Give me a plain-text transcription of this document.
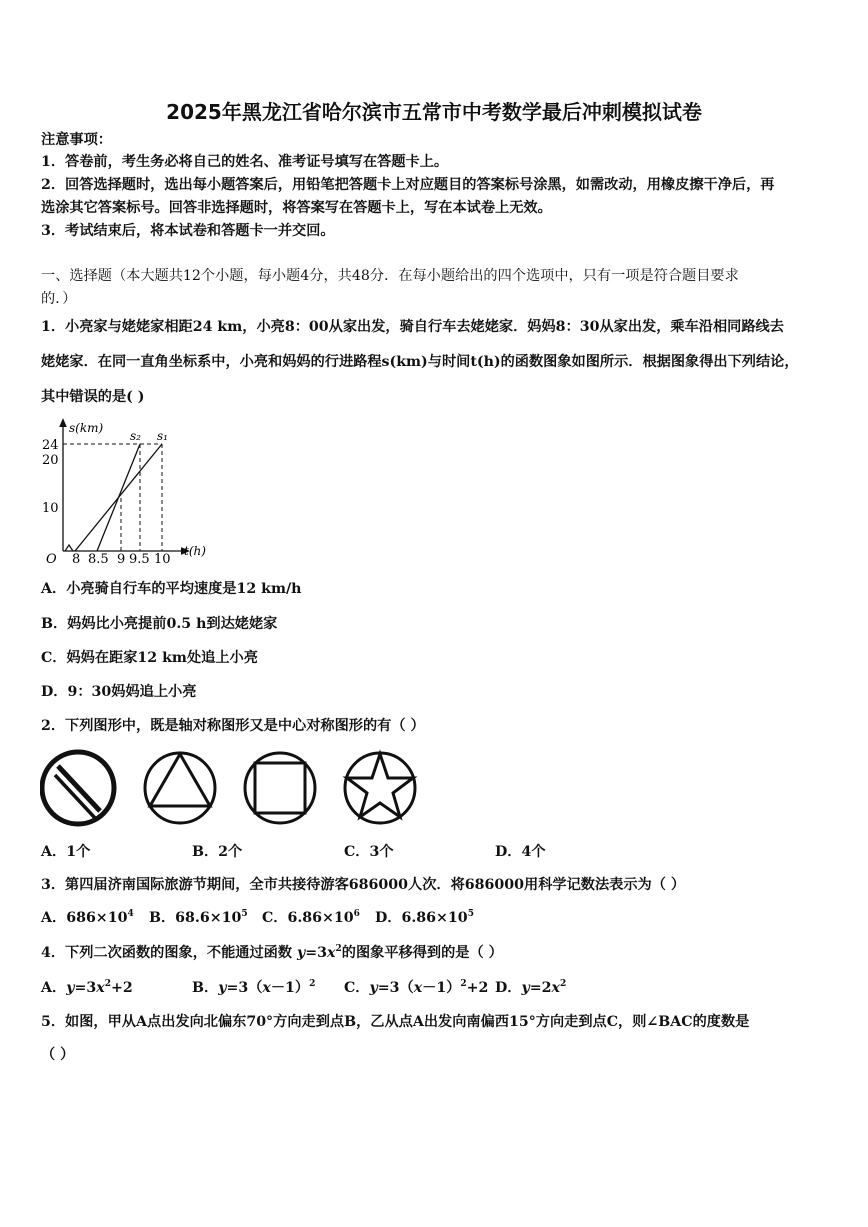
2025年黑龙江省哈尔滨市五常市中考数学最后冲刺模拟试卷
注意事项：
1．答卷前，考生务必将自己的姓名、准考证号填写在答题卡上。
2．回答选择题时，选出每小题答案后，用铅笔把答题卡上对应题目的答案标号涂黑，如需改动，用橡皮擦干净后，再
选涂其它答案标号。回答非选择题时，将答案写在答题卡上，写在本试卷上无效。
3．考试结束后，将本试卷和答题卡一并交回。
一、选择题（本大题共12个小题，每小题4分，共48分．在每小题给出的四个选项中，只有一项是符合题目要求
的．）
1．小亮家与姥姥家相距24 km，小亮8：00从家出发，骑自行车去姥姥家．妈妈8：30从家出发，乘车沿相同路线去
姥姥家．在同一直角坐标系中，小亮和妈妈的行进路程s(km)与时间t(h)的函数图象如图所示．根据图象得出下列结论，
其中错误的是( )
s(km)
t(h)
O
24
20
10
8 8.5 9 9.5 10
s₂ s₁
A．小亮骑自行车的平均速度是12 km/h
B．妈妈比小亮提前0.5 h到达姥姥家
C．妈妈在距家12 km处追上小亮
D．9：30妈妈追上小亮
2．下列图形中，既是轴对称图形又是中心对称图形的有（ ）
A．1个	B．2个	C．3个	D．4个
3．第四届济南国际旅游节期间，全市共接待游客686000人次．将686000用科学记数法表示为（ ）
A．$686\times 10^4$ B．$68.6\times 10^5$ C．$6.86\times 10^6$ D．$6.86\times 10^5$
4．下列二次函数的图象，不能通过函数 $y=3x^2$的图象平移得到的是（ ）
A．$y=3x^2+2$	B．$y=3(x-1)^2$ C．$y=3(x-1)^2+2$ D．$y=2x^2$
5．如图，甲从A点出发向北偏东70°方向走到点B，乙从点A出发向南偏西15°方向走到点C，则∠BAC的度数是
（ ）
